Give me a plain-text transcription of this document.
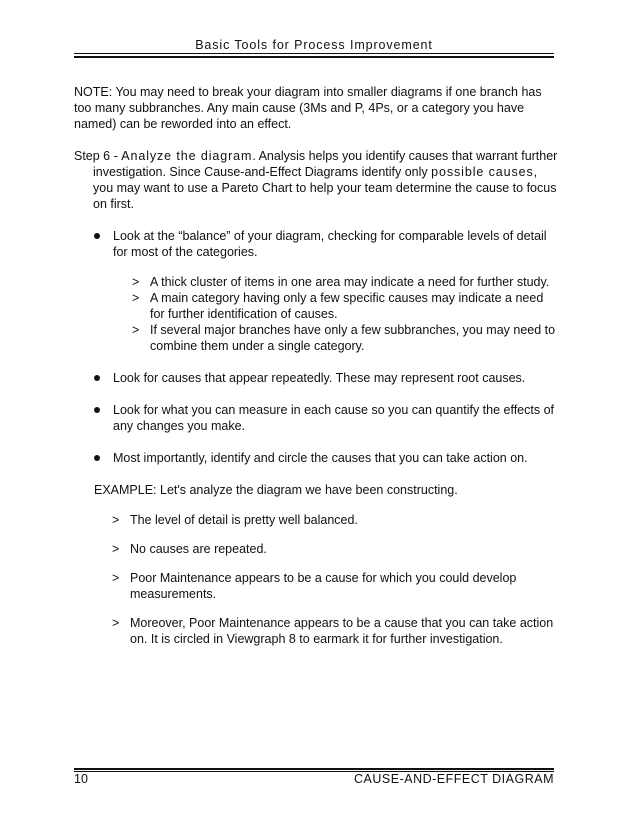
Basic Tools for Process Improvement

NOTE: You may need to break your diagram into smaller diagrams if one branch has too many subbranches. Any main cause (3Ms and P, 4Ps, or a category you have named) can be reworded into an effect.

Step 6 - Analyze the diagram. Analysis helps you identify causes that warrant further investigation. Since Cause-and-Effect Diagrams identify only possible causes, you may want to use a Pareto Chart to help your team determine the cause to focus on first.

Look at the “balance” of your diagram, checking for comparable levels of detail for most of the categories.
> A thick cluster of items in one area may indicate a need for further study.
> A main category having only a few specific causes may indicate a need for further identification of causes.
> If several major branches have only a few subbranches, you may need to combine them under a single category.
Look for causes that appear repeatedly. These may represent root causes.
Look for what you can measure in each cause so you can quantify the effects of any changes you make.
Most importantly, identify and circle the causes that you can take action on.

EXAMPLE: Let's analyze the diagram we have been constructing.

> The level of detail is pretty well balanced.
> No causes are repeated.
> Poor Maintenance appears to be a cause for which you could develop measurements.
> Moreover, Poor Maintenance appears to be a cause that you can take action on. It is circled in Viewgraph 8 to earmark it for further investigation.
10	CAUSE-AND-EFFECT DIAGRAM
